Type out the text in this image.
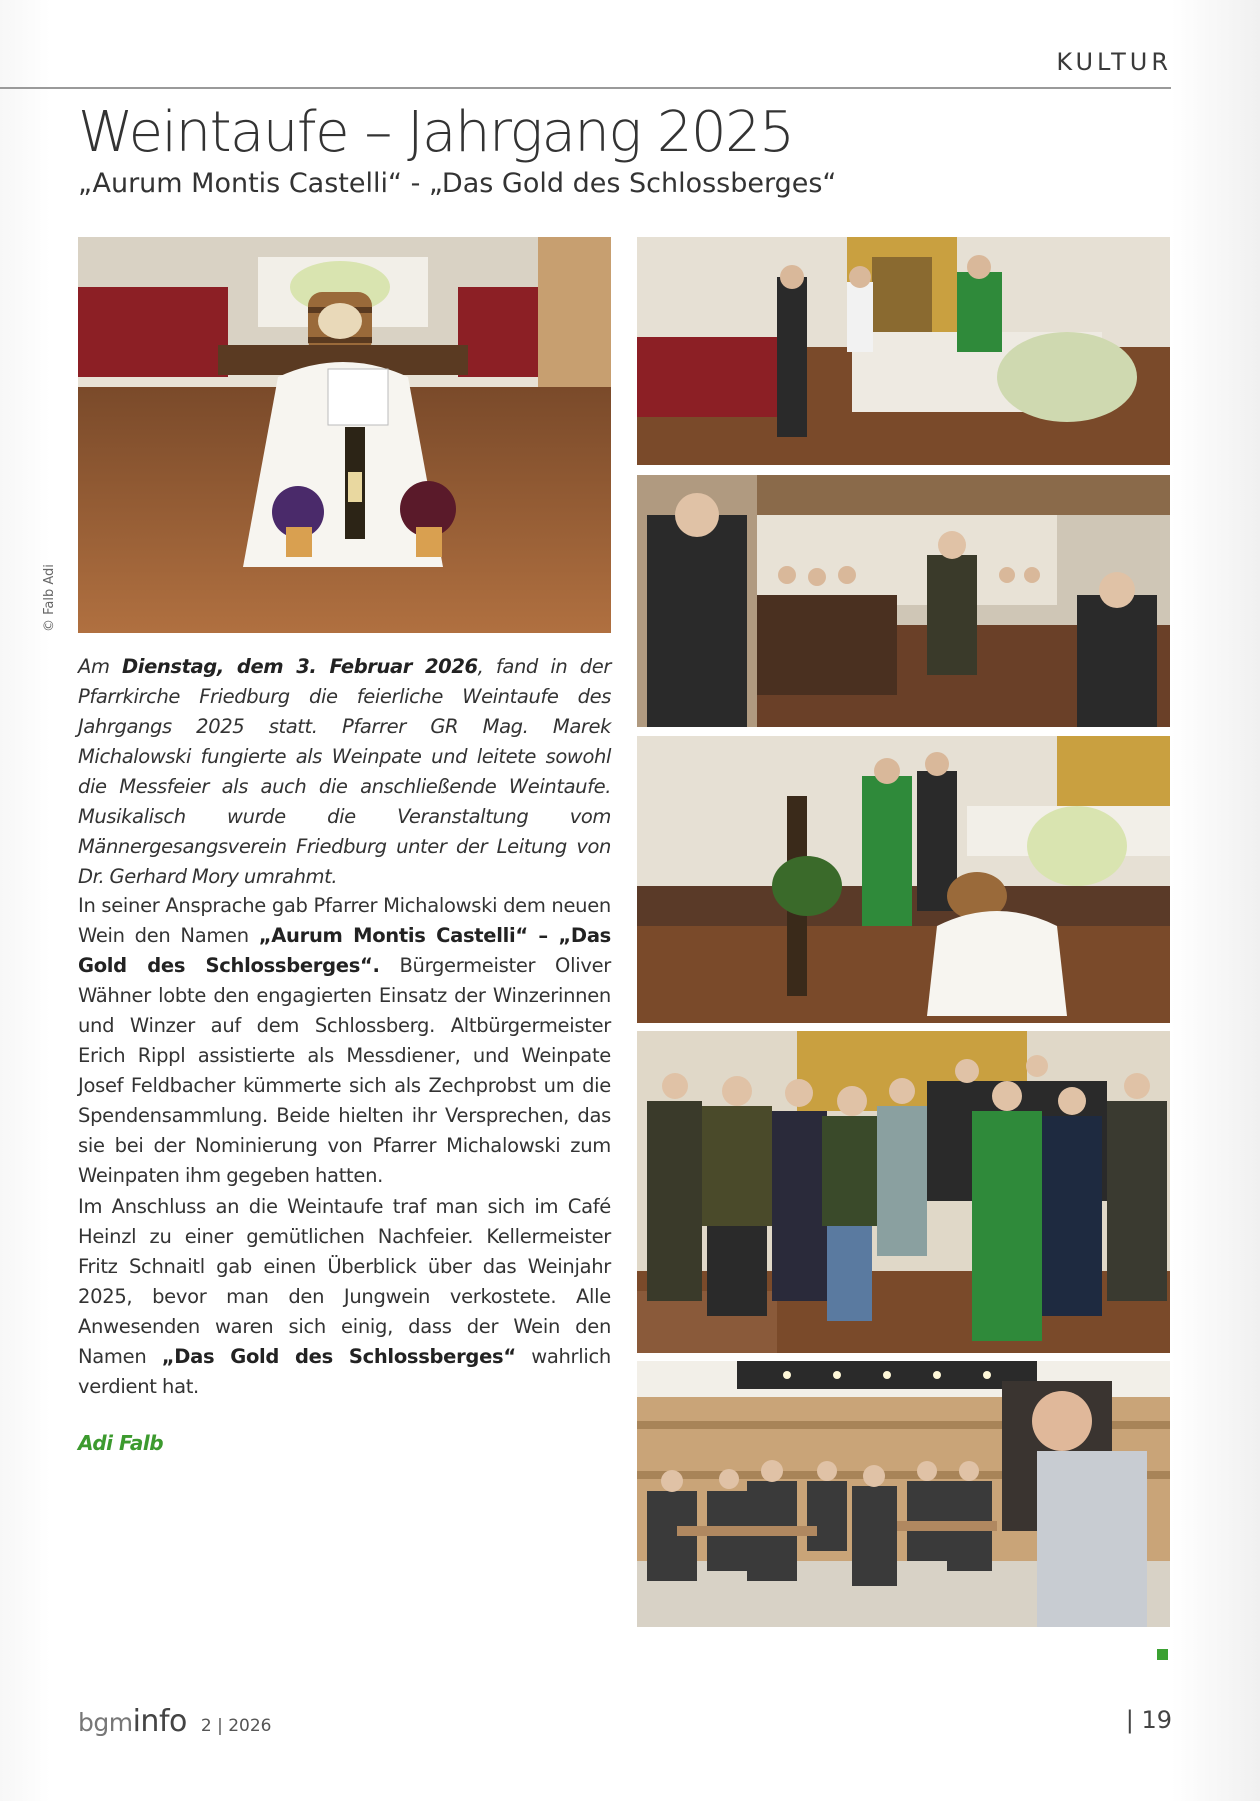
KULTUR
Weintaufe – Jahrgang 2025
„Aurum Montis Castelli“ - „Das Gold des Schlossberges“
© Falb Adi

Am Dienstag, dem 3. Februar 2026, fand in der Pfarrkirche Friedburg die feierliche Weintaufe des Jahrgangs 2025 statt. Pfarrer GR Mag. Marek Michalowski fungierte als Weinpate und leitete sowohl die Messfeier als auch die anschließende Weintaufe. Musikalisch wurde die Veranstaltung vom Männergesangsverein Friedburg unter der Leitung von Dr. Gerhard Mory umrahmt.

In seiner Ansprache gab Pfarrer Michalowski dem neuen Wein den Namen „Aurum Montis Castelli“ – „Das Gold des Schlossberges“. Bürgermeister Oliver Wähner lobte den engagierten Einsatz der Winzerinnen und Winzer auf dem Schlossberg. Altbürgermeister Erich Rippl assistierte als Messdiener, und Weinpate Josef Feldbacher kümmerte sich als Zechprobst um die Spendensammlung. Beide hielten ihr Versprechen, das sie bei der Nominierung von Pfarrer Michalowski zum Weinpaten ihm gegeben hatten.

Im Anschluss an die Weintaufe traf man sich im Café Heinzl zu einer gemütlichen Nachfeier. Kellermeister Fritz Schnaitl gab einen Überblick über das Weinjahr 2025, bevor man den Jungwein verkostete. Alle Anwesenden waren sich einig, dass der Wein den Namen „Das Gold des Schlossberges“ wahrlich verdient hat.

Adi Falb
bgminfo 2 | 2026	| 19
